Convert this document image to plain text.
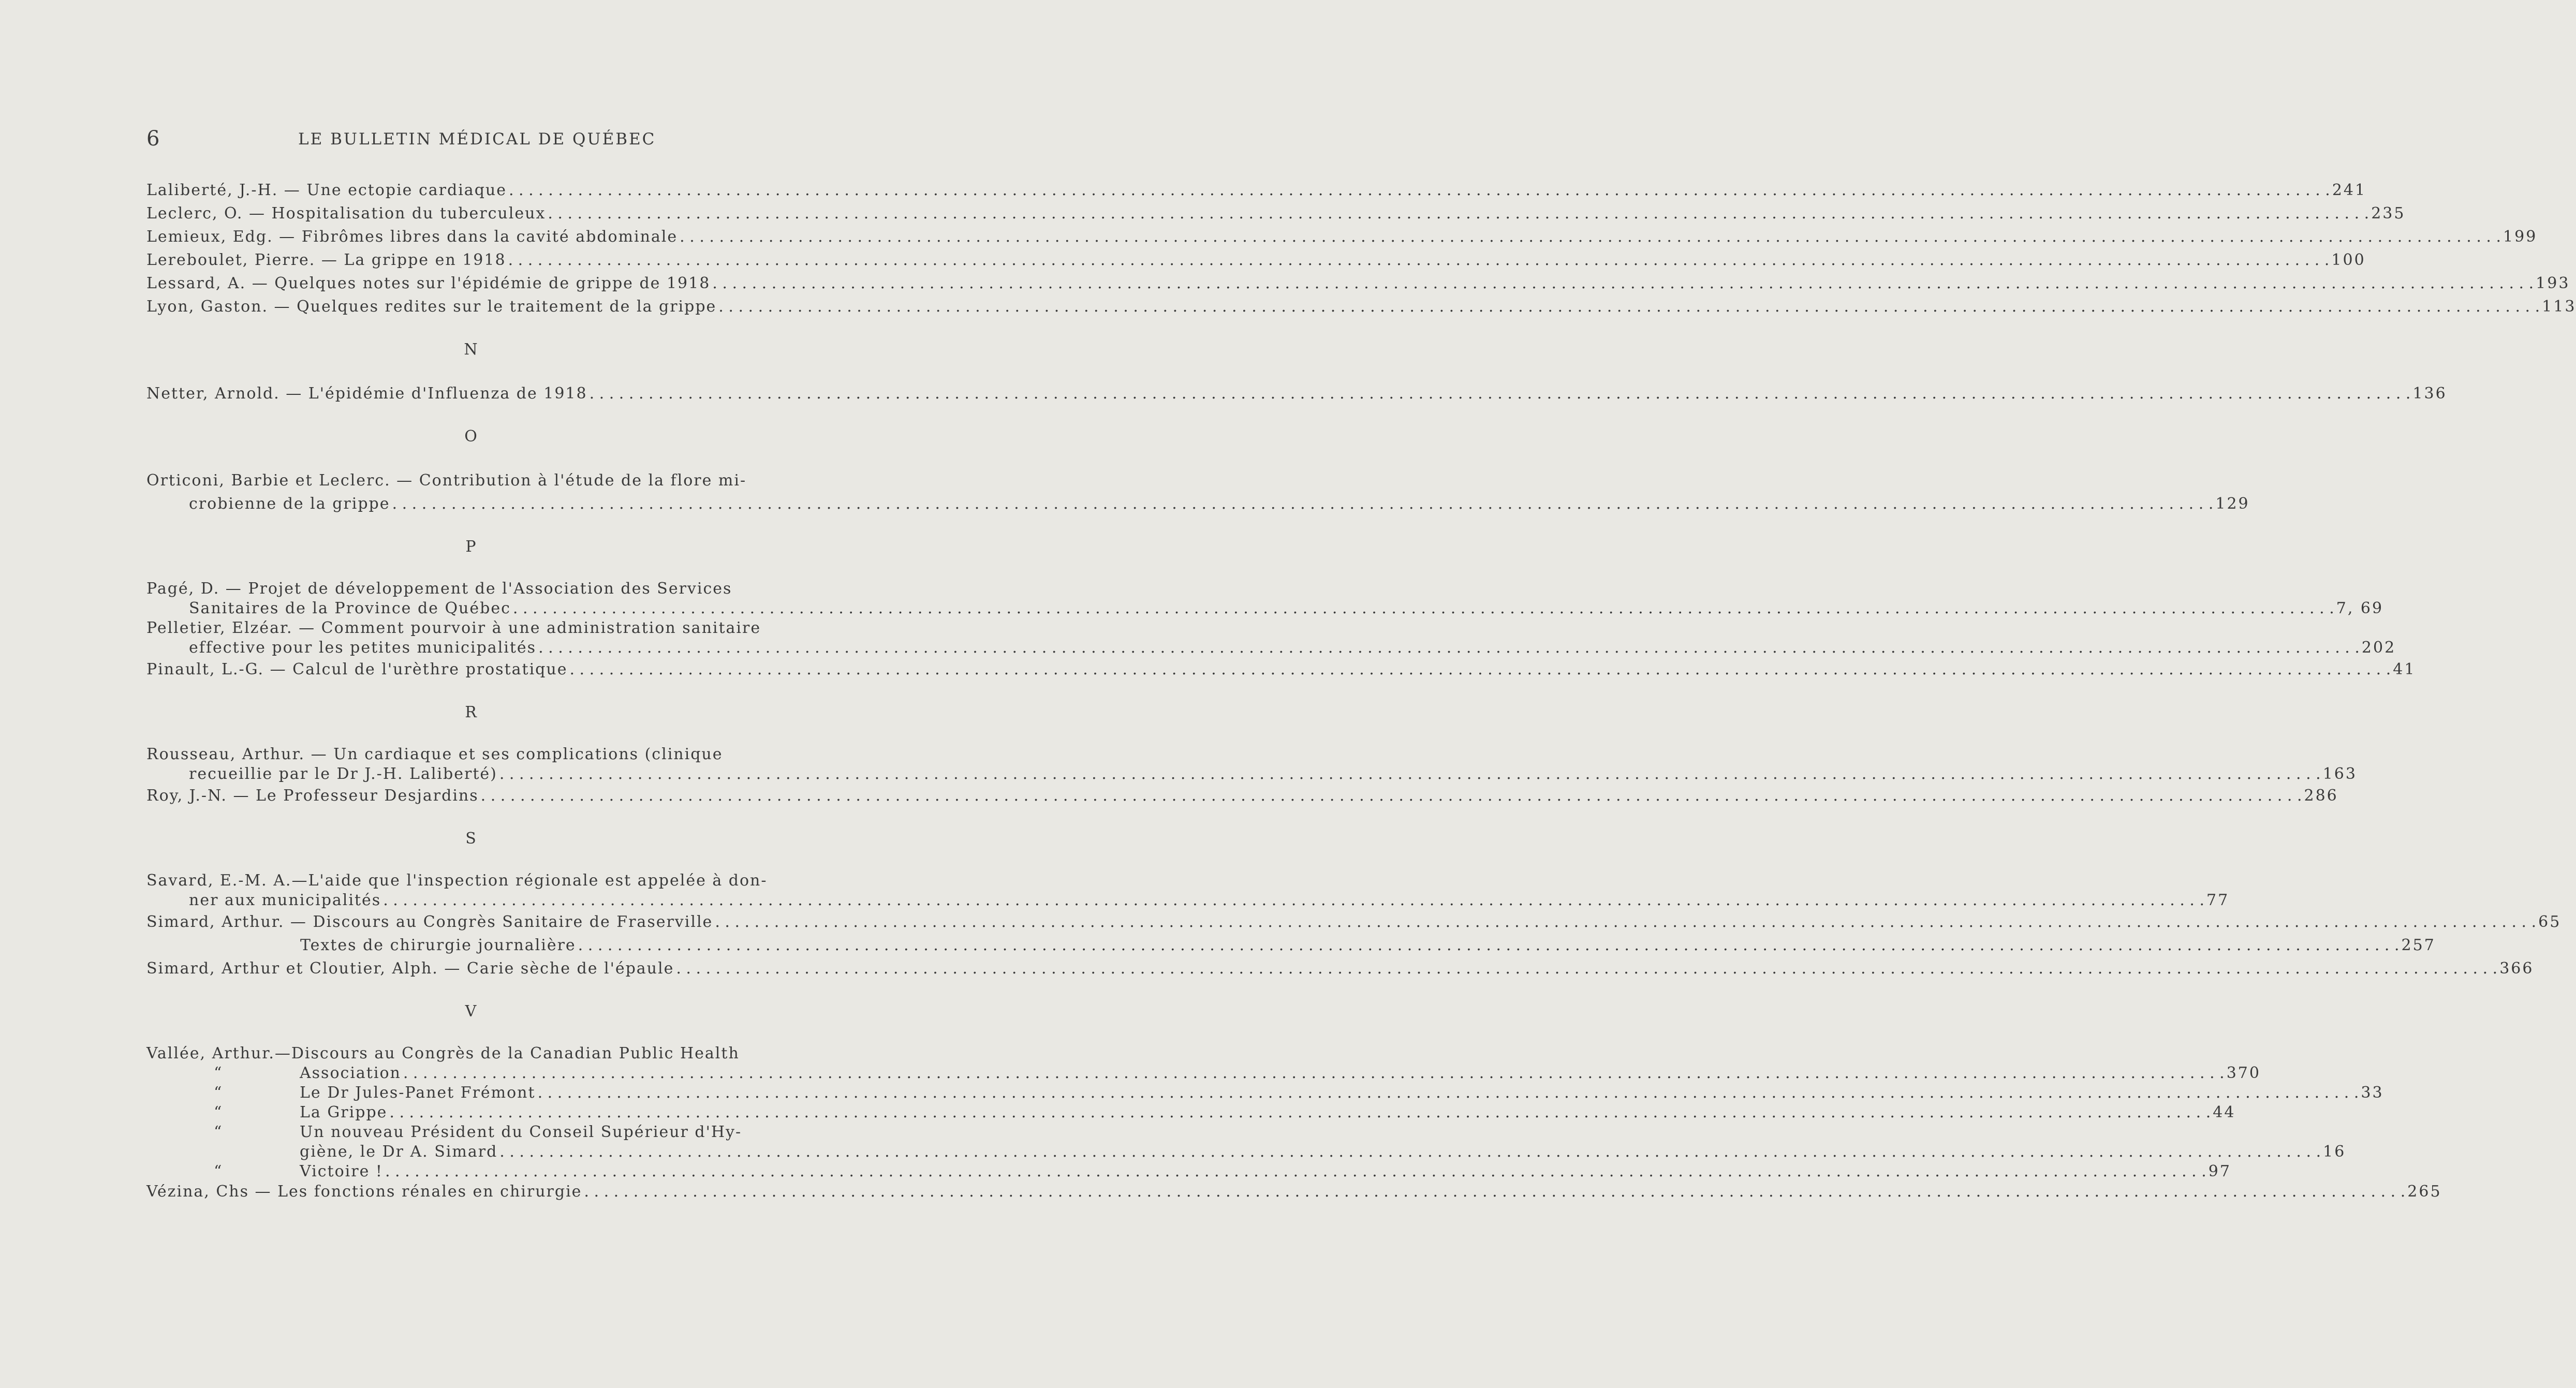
6	LE BULLETIN MÉDICAL DE QUÉBEC
Laliberté, J.-H. — Une ectopie cardiaque . . .	241
Leclerc, O. — Hospitalisation du tuberculeux . . .	235
Lemieux, Edg. — Fibrômes libres dans la cavité abdominale . . .	199
Lereboulet, Pierre. — La grippe en 1918 . . .	100
Lessard, A. — Quelques notes sur l'épidémie de grippe de 1918 . . .	193
Lyon, Gaston. — Quelques redites sur le traitement de la grippe . . .	113
N
Netter, Arnold. — L'épidémie d'Influenza de 1918 . . .	136
O
Orticoni, Barbie et Leclerc. — Contribution à l'étude de la flore mi-
crobienne de la grippe . . .	129
P
Pagé, D. — Projet de développement de l'Association des Services
Sanitaires de la Province de Québec . . .	7, 69
Pelletier, Elzéar. — Comment pourvoir à une administration sanitaire
effective pour les petites municipalités . . .	202
Pinault, L.-G. — Calcul de l'urèthre prostatique . . .	41
R
Rousseau, Arthur. — Un cardiaque et ses complications (clinique
recueillie par le Dr J.-H. Laliberté) . . .	163
Roy, J.-N. — Le Professeur Desjardins . . .	286
S
Savard, E.-M. A.—L'aide que l'inspection régionale est appelée à don-
ner aux municipalités . . .	77
Simard, Arthur. — Discours au Congrès Sanitaire de Fraserville . . .	65
Textes de chirurgie journalière . . .	257
Simard, Arthur et Cloutier, Alph. — Carie sèche de l'épaule . . .	366
V
Vallée, Arthur.—Discours au Congrès de la Canadian Public Health
“	Association . . .	370
“	Le Dr Jules-Panet Frémont . . .	33
“	La Grippe . . .	44
“	Un nouveau Président du Conseil Supérieur d'Hy-
giène, le Dr A. Simard . . .	16
“	Victoire ! . . .	97
Vézina, Chs — Les fonctions rénales en chirurgie . . .	265
